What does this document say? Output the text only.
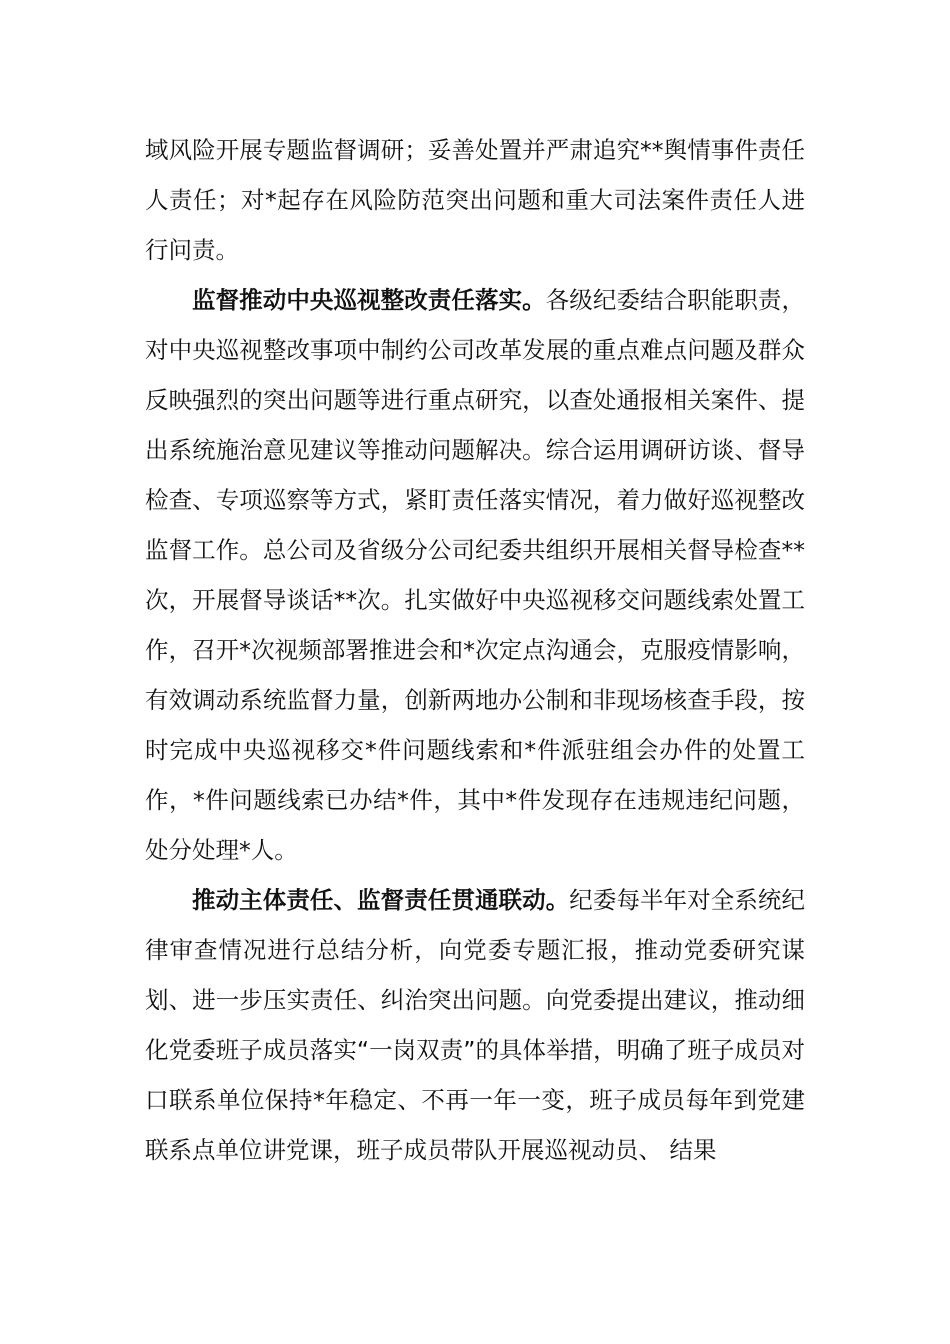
域风险开展专题监督调研；妥善处置并严肃追究**舆情事件责任人责任；对*起存在风险防范突出问题和重大司法案件责任人进行问责。

监督推动中央巡视整改责任落实。各级纪委结合职能职责，对中央巡视整改事项中制约公司改革发展的重点难点问题及群众反映强烈的突出问题等进行重点研究，以查处通报相关案件、提出系统施治意见建议等推动问题解决。综合运用调研访谈、督导检查、专项巡察等方式，紧盯责任落实情况，着力做好巡视整改监督工作。总公司及省级分公司纪委共组织开展相关督导检查**次，开展督导谈话**次。扎实做好中央巡视移交问题线索处置工作，召开*次视频部署推进会和*次定点沟通会，克服疫情影响，有效调动系统监督力量，创新两地办公制和非现场核查手段，按时完成中央巡视移交*件问题线索和*件派驻组会办件的处置工作，*件问题线索已办结*件，其中*件发现存在违规违纪问题，处分处理*人。

推动主体责任、监督责任贯通联动。纪委每半年对全系统纪律审查情况进行总结分析，向党委专题汇报，推动党委研究谋划、进一步压实责任、纠治突出问题。向党委提出建议，推动细化党委班子成员落实“一岗双责”的具体举措，明确了班子成员对口联系单位保持*年稳定、不再一年一变，班子成员每年到党建联系点单位讲党课，班子成员带队开展巡视动员、 结果
